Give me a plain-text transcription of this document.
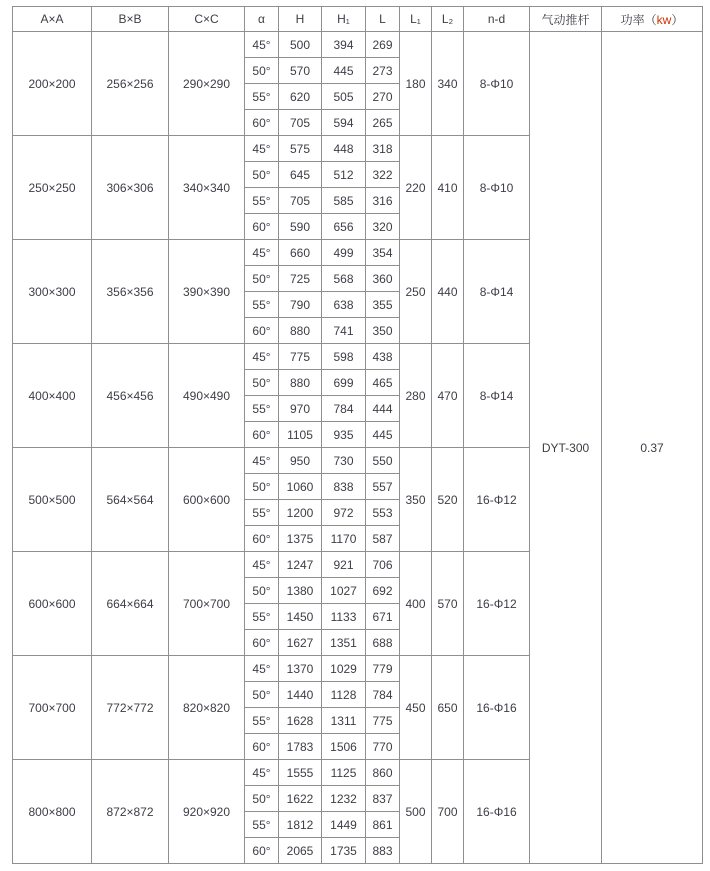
A×A	B×B	C×C	α	H	H₁	L	L₁	L₂	n-d	气动推杆	功率（kw）
200×200	256×256	290×290	45°	500	394	269	180	340	8-Φ10	DYT-300	0.37
			50°	570	445	273					
			55°	620	505	270					
			60°	705	594	265					
250×250	306×306	340×340	45°	575	448	318	220	410	8-Φ10		
			50°	645	512	322					
			55°	705	585	316					
			60°	590	656	320					
300×300	356×356	390×390	45°	660	499	354	250	440	8-Φ14		
			50°	725	568	360					
			55°	790	638	355					
			60°	880	741	350					
400×400	456×456	490×490	45°	775	598	438	280	470	8-Φ14		
			50°	880	699	465					
			55°	970	784	444					
			60°	1105	935	445					
500×500	564×564	600×600	45°	950	730	550	350	520	16-Φ12		
			50°	1060	838	557					
			55°	1200	972	553					
			60°	1375	1170	587					
600×600	664×664	700×700	45°	1247	921	706	400	570	16-Φ12		
			50°	1380	1027	692					
			55°	1450	1133	671					
			60°	1627	1351	688					
700×700	772×772	820×820	45°	1370	1029	779	450	650	16-Φ16		
			50°	1440	1128	784					
			55°	1628	1311	775					
			60°	1783	1506	770					
800×800	872×872	920×920	45°	1555	1125	860	500	700	16-Φ16		
			50°	1622	1232	837					
			55°	1812	1449	861					
			60°	2065	1735	883					
